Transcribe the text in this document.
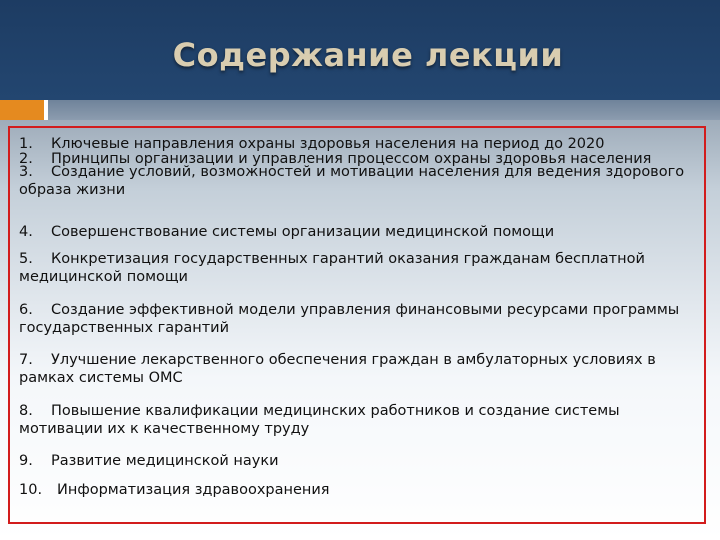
Содержание лекции
1. Ключевые направления охраны здоровья населения на период до 2020
2. Принципы организации и управления процессом охраны здоровья населения
3. Создание условий, возможностей и мотивации населения для ведения здорового
образа жизни
4. Совершенствование системы организации медицинской помощи
5. Конкретизация государственных гарантий оказания гражданам бесплатной
медицинской помощи
6. Создание эффективной модели управления финансовыми ресурсами программы
государственных гарантий
7. Улучшение лекарственного обеспечения граждан в амбулаторных условиях в
рамках системы ОМС
8. Повышение квалификации медицинских работников и создание системы
мотивации их к качественному труду
9. Развитие медицинской науки
10. Информатизация здравоохранения
